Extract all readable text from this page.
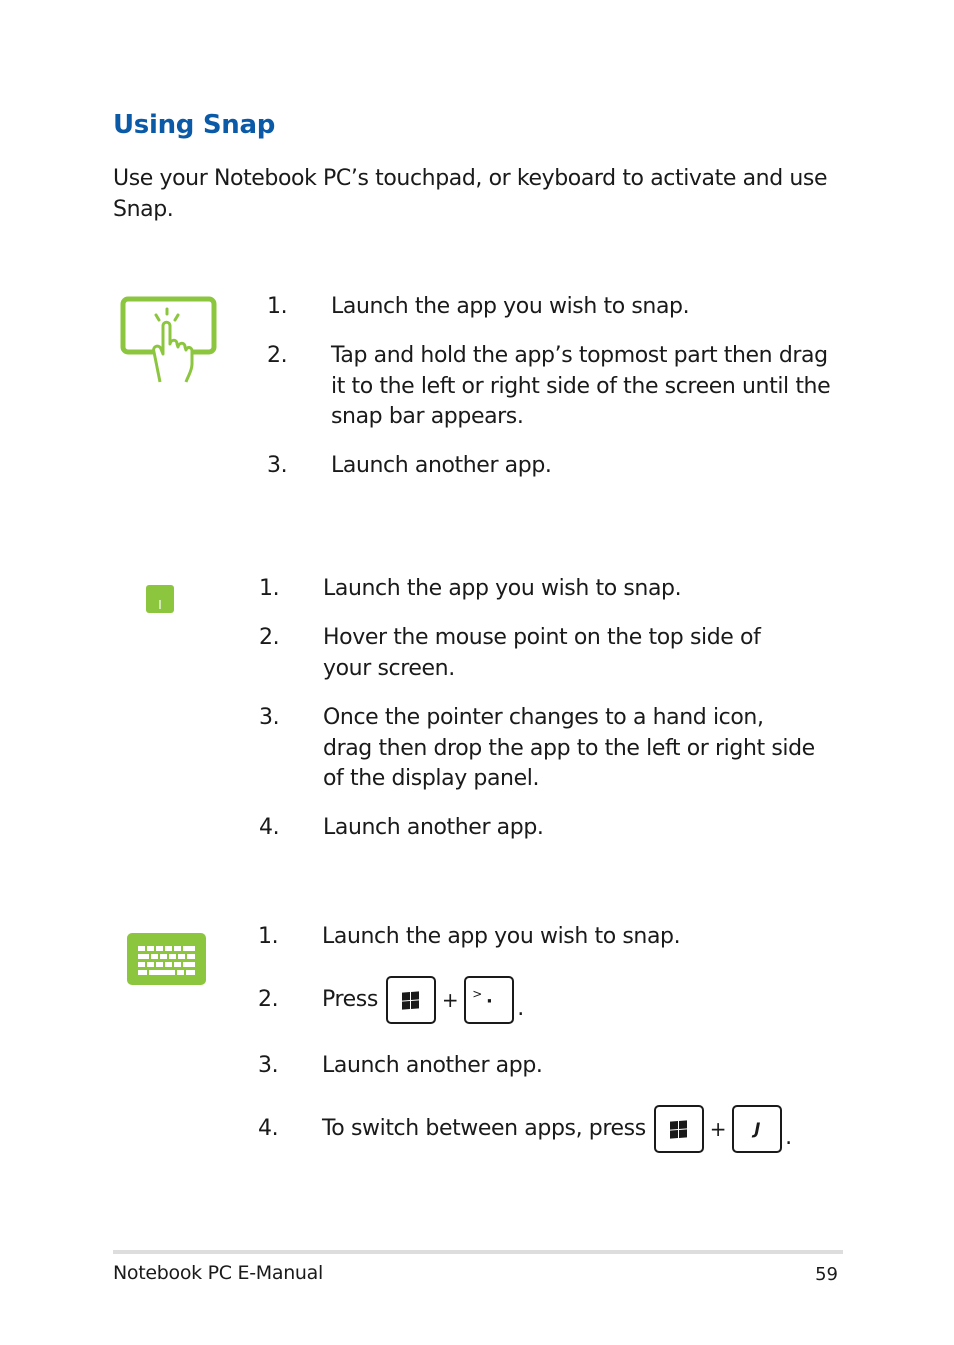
Using Snap
Use your Notebook PC’s touchpad, or keyboard to activate and use Snap.
1. Launch the app you wish to snap.
2. Tap and hold the app’s topmost part then drag it to the left or right side of the screen until the snap bar appears.
3. Launch another app.
1. Launch the app you wish to snap.
2. Hover the mouse point on the top side of your screen.
3. Once the pointer changes to a hand icon, drag then drop the app to the left or right side of the display panel.
4. Launch another app.
1. Launch the app you wish to snap.
2.	Press	+ > · .
3. Launch another app.
4.	To switch between apps, press	+ J .
Notebook PC E-Manual	59
